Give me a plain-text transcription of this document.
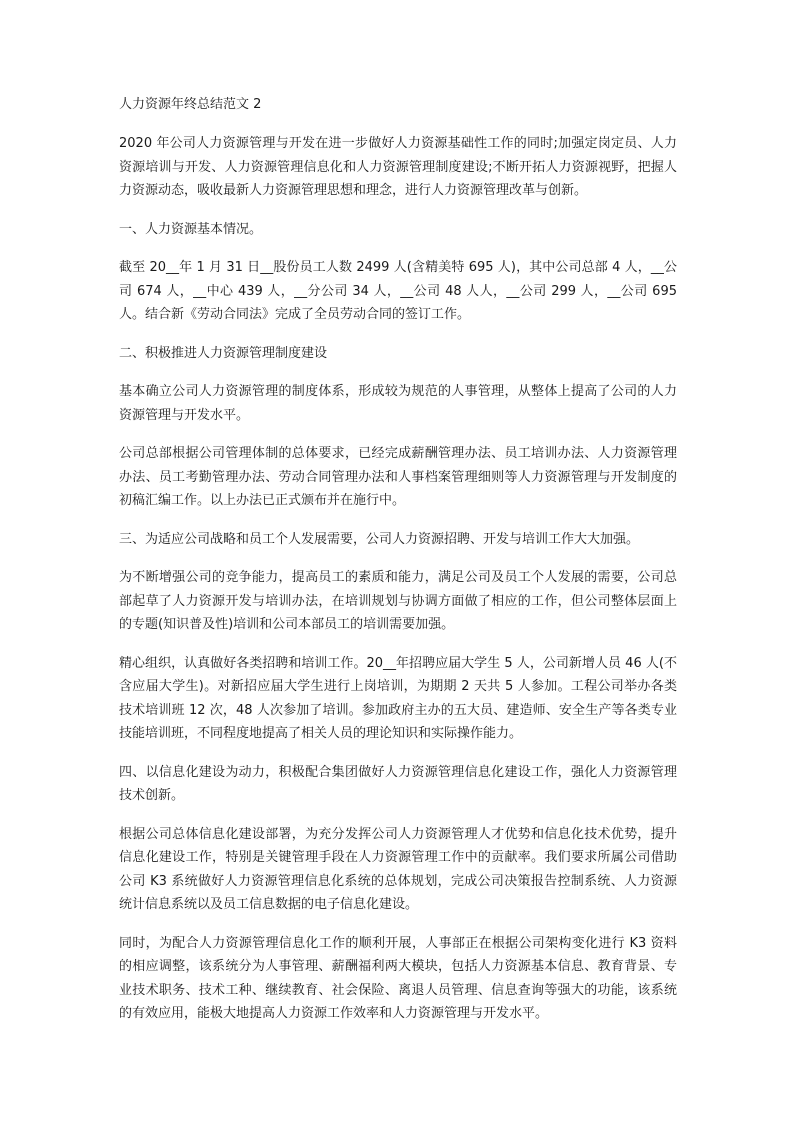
人力资源年终总结范文 2

2020 年公司人力资源管理与开发在进一步做好人力资源基础性工作的同时;加强定岗定员、人力资源培训与开发、人力资源管理信息化和人力资源管理制度建设;不断开拓人力资源视野，把握人力资源动态，吸收最新人力资源管理思想和理念，进行人力资源管理改革与创新。

一、人力资源基本情况。

截至 20__年 1 月 31 日__股份员工人数 2499 人(含精美特 695 人)，其中公司总部 4 人，__公司 674 人，__中心 439 人，__分公司 34 人，__公司 48 人人，__公司 299 人，__公司 695 人。结合新《劳动合同法》完成了全员劳动合同的签订工作。

二、积极推进人力资源管理制度建设

基本确立公司人力资源管理的制度体系，形成较为规范的人事管理，从整体上提高了公司的人力资源管理与开发水平。

公司总部根据公司管理体制的总体要求，已经完成薪酬管理办法、员工培训办法、人力资源管理办法、员工考勤管理办法、劳动合同管理办法和人事档案管理细则等人力资源管理与开发制度的初稿汇编工作。以上办法已正式颁布并在施行中。

三、为适应公司战略和员工个人发展需要，公司人力资源招聘、开发与培训工作大大加强。

为不断增强公司的竞争能力，提高员工的素质和能力，满足公司及员工个人发展的需要，公司总部起草了人力资源开发与培训办法，在培训规划与协调方面做了相应的工作，但公司整体层面上的专题(知识普及性)培训和公司本部员工的培训需要加强。

精心组织，认真做好各类招聘和培训工作。20__年招聘应届大学生 5 人，公司新增人员 46 人(不含应届大学生)。对新招应届大学生进行上岗培训，为期期 2 天共 5 人参加。工程公司举办各类技术培训班 12 次，48 人次参加了培训。参加政府主办的五大员、建造师、安全生产等各类专业技能培训班，不同程度地提高了相关人员的理论知识和实际操作能力。

四、以信息化建设为动力，积极配合集团做好人力资源管理信息化建设工作，强化人力资源管理技术创新。

根据公司总体信息化建设部署，为充分发挥公司人力资源管理人才优势和信息化技术优势，提升信息化建设工作，特别是关键管理手段在人力资源管理工作中的贡献率。我们要求所属公司借助公司 K3 系统做好人力资源管理信息化系统的总体规划，完成公司决策报告控制系统、人力资源统计信息系统以及员工信息数据的电子信息化建设。

同时，为配合人力资源管理信息化工作的顺利开展，人事部正在根据公司架构变化进行 K3 资料的相应调整，该系统分为人事管理、薪酬福利两大模块，包括人力资源基本信息、教育背景、专业技术职务、技术工种、继续教育、社会保险、离退人员管理、信息查询等强大的功能，该系统的有效应用，能极大地提高人力资源工作效率和人力资源管理与开发水平。
